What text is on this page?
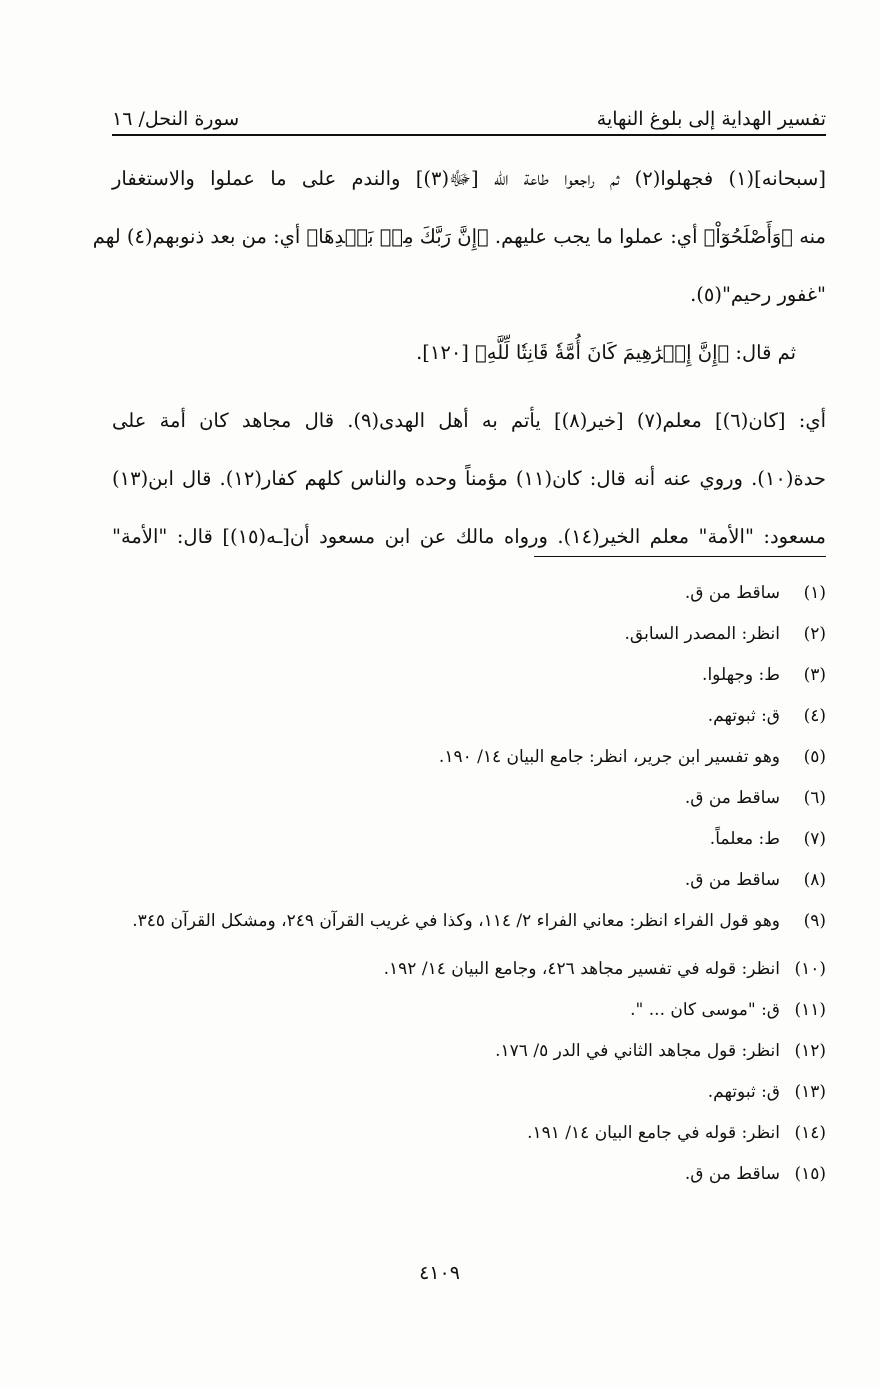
تفسير الهداية إلى بلوغ النهاية
سورة النحل/ ١٦

[سبحانه](١) فجهلوا(٢) ثم راجعوا طاعة الله [ﷻ(٣)] والندم على ما عملوا والاستغفار

منه ﴿وَأَصْلَحُوٓاْ﴾ أي: عملوا ما يجب عليهم. ﴿إِنَّ رَبَّكَ مِنۢ بَعۡدِهَا﴾ أي: من بعد ذنوبهم(٤) لهم

"غفور رحيم"(٥).

ثم قال: ﴿إِنَّ إِبۡرَٰهِيمَ كَانَ أُمَّةٗ قَانِتٗا لِّلَّهِ﴾ [١٢٠].

أي: [كان(٦)] معلم(٧) [خير(٨)] يأتم به أهل الهدى(٩). قال مجاهد كان أمة على

حدة(١٠). وروي عنه أنه قال: كان(١١) مؤمناً وحده والناس كلهم كفار(١٢). قال ابن(١٣)

مسعود: "الأمة" معلم الخير(١٤). ورواه مالك عن ابن مسعود أن[ـه(١٥)] قال: "الأمة"

(١)
ساقط من ق.
(٢)
انظر: المصدر السابق.
(٣)
ط: وجهلوا.
(٤)
ق: ثبوتهم.
(٥)
وهو تفسير ابن جرير، انظر: جامع البيان ١٤/ ١٩٠.
(٦)
ساقط من ق.
(٧)
ط: معلماً.
(٨)
ساقط من ق.
(٩)
وهو قول الفراء انظر: معاني الفراء ٢/ ١١٤، وكذا في غريب القرآن ٢٤٩، ومشكل القرآن ٣٤٥.
(١٠)
انظر: قوله في تفسير مجاهد ٤٢٦، وجامع البيان ١٤/ ١٩٢.
(١١)
ق: "موسى كان ... ".
(١٢)
انظر: قول مجاهد الثاني في الدر ٥/ ١٧٦.
(١٣)
ق: ثبوتهم.
(١٤)
انظر: قوله في جامع البيان ١٤/ ١٩١.
(١٥)
ساقط من ق.
٤١٠٩
